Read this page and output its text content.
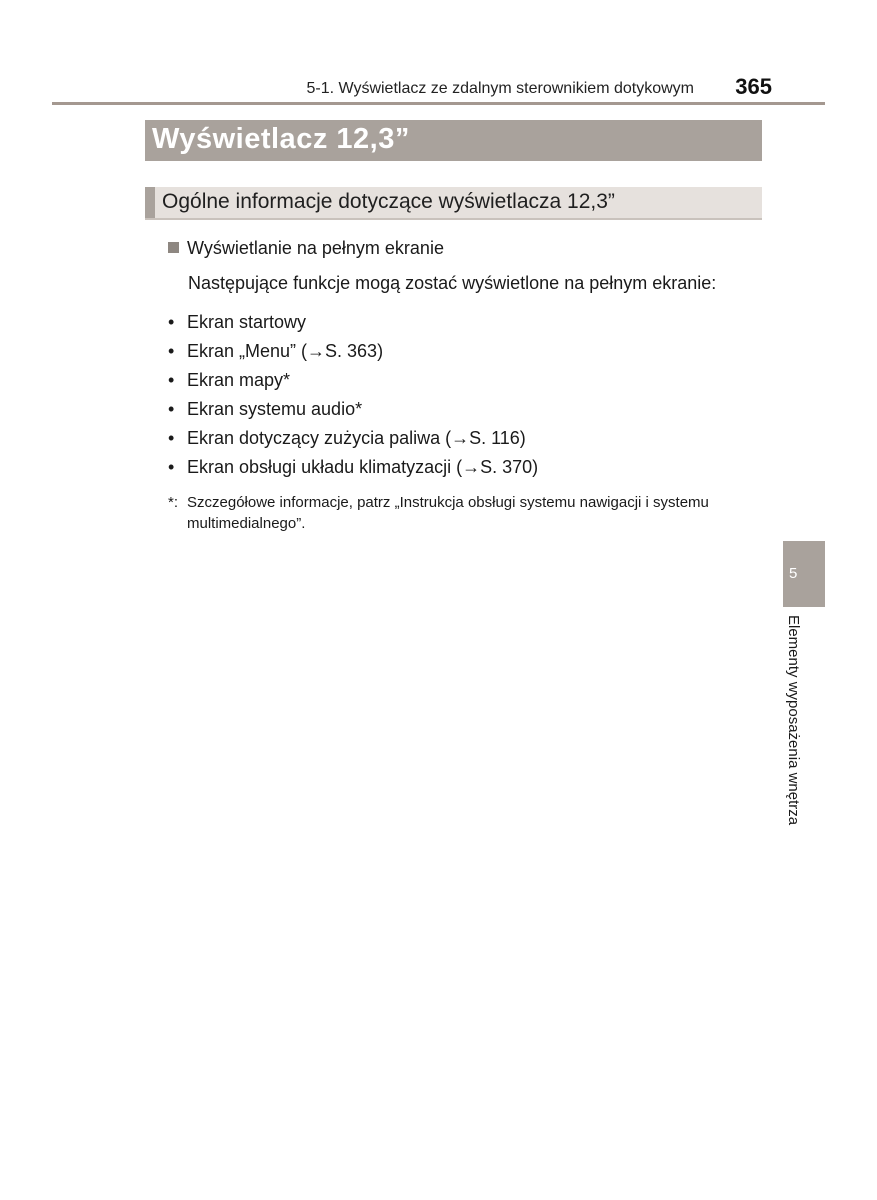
5-1. Wyświetlacz ze zdalnym sterownikiem dotykowym 365
Wyświetlacz 12,3”
Ogólne informacje dotyczące wyświetlacza 12,3”
Wyświetlanie na pełnym ekranie
Następujące funkcje mogą zostać wyświetlone na pełnym ekranie:
• Ekran startowy
• Ekran „Menu” (→S. 363)
• Ekran mapy*
• Ekran systemu audio*
• Ekran dotyczący zużycia paliwa (→S. 116)
• Ekran obsługi układu klimatyzacji (→S. 370)
*: Szczegółowe informacje, patrz „Instrukcja obsługi systemu nawigacji i systemu multimedialnego”.
5
Elementy wyposażenia wnętrza
